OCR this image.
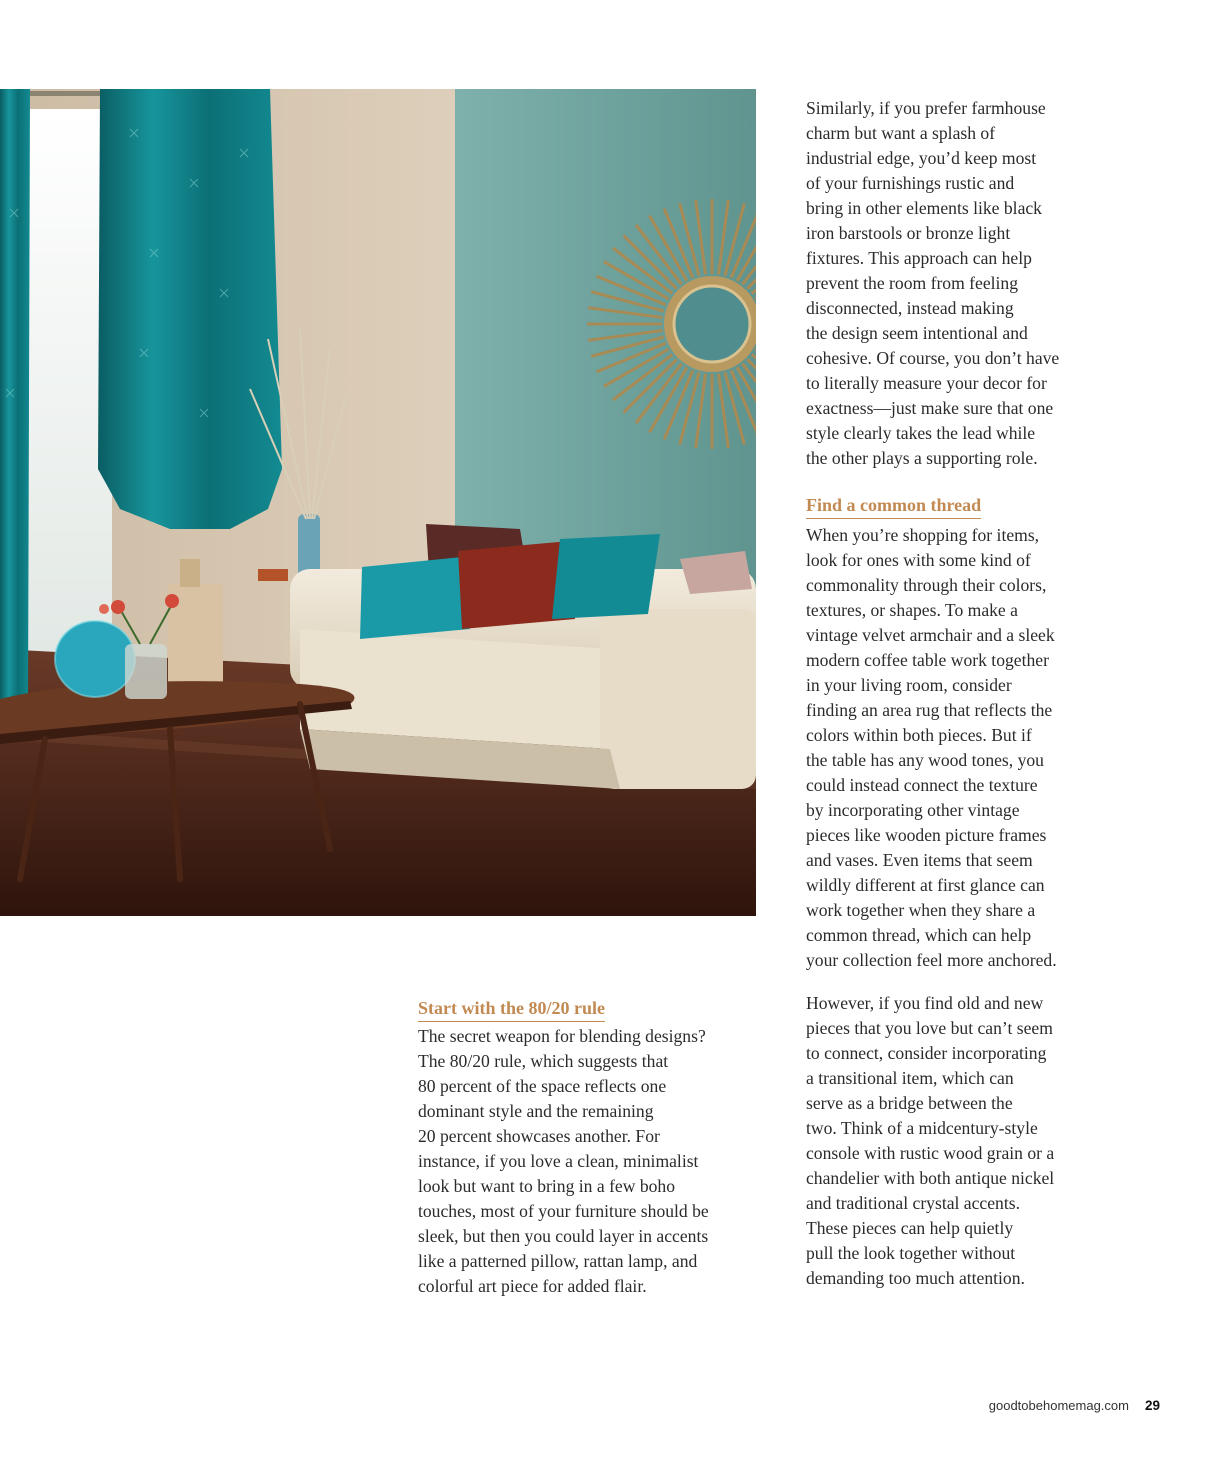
Start with the 80/20 rule

The secret weapon for blending designs?
The 80/20 rule, which suggests that
80 percent of the space reflects one
dominant style and the remaining
20 percent showcases another. For
instance, if you love a clean, minimalist
look but want to bring in a few boho
touches, most of your furniture should be
sleek, but then you could layer in accents
like a patterned pillow, rattan lamp, and
colorful art piece for added flair.

Similarly, if you prefer farmhouse
charm but want a splash of
industrial edge, you’d keep most
of your furnishings rustic and
bring in other elements like black
iron barstools or bronze light
fixtures. This approach can help
prevent the room from feeling
disconnected, instead making
the design seem intentional and
cohesive. Of course, you don’t have
to literally measure your decor for
exactness—just make sure that one
style clearly takes the lead while
the other plays a supporting role.

Find a common thread

When you’re shopping for items,
look for ones with some kind of
commonality through their colors,
textures, or shapes. To make a
vintage velvet armchair and a sleek
modern coffee table work together
in your living room, consider
finding an area rug that reflects the
colors within both pieces. But if
the table has any wood tones, you
could instead connect the texture
by incorporating other vintage
pieces like wooden picture frames
and vases. Even items that seem
wildly different at first glance can
work together when they share a
common thread, which can help
your collection feel more anchored.

However, if you find old and new
pieces that you love but can’t seem
to connect, consider incorporating
a transitional item, which can
serve as a bridge between the
two. Think of a midcentury-style
console with rustic wood grain or a
chandelier with both antique nickel
and traditional crystal accents.
These pieces can help quietly
pull the look together without
demanding too much attention.

goodtobehomemag.com 29
